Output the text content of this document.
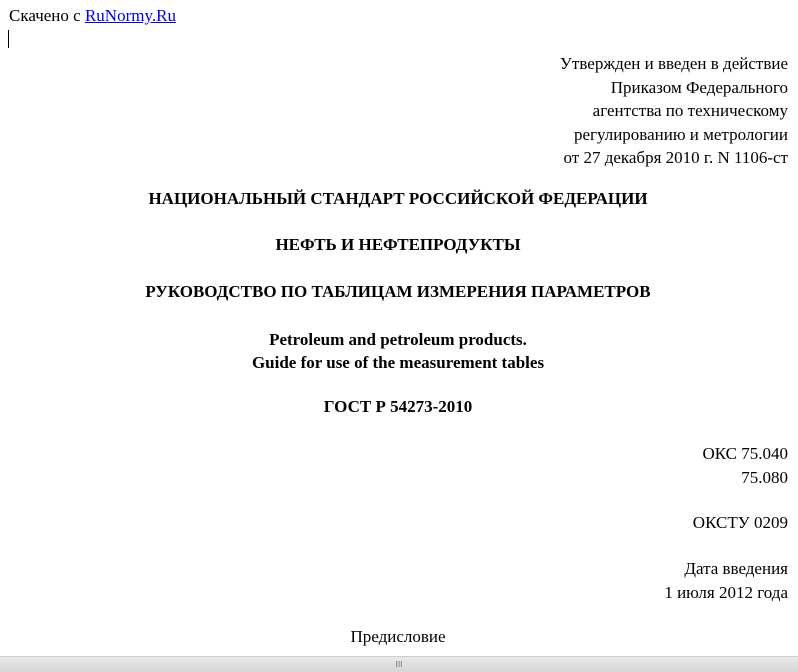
Скачено с RuNormy.Ru
Утвержден и введен в действие
Приказом Федерального
агентства по техническому
регулированию и метрологии
от 27 декабря 2010 г. N 1106-ст
НАЦИОНАЛЬНЫЙ СТАНДАРТ РОССИЙСКОЙ ФЕДЕРАЦИИ
НЕФТЬ И НЕФТЕПРОДУКТЫ
РУКОВОДСТВО ПО ТАБЛИЦАМ ИЗМЕРЕНИЯ ПАРАМЕТРОВ
Petroleum and petroleum products.
Guide for use of the measurement tables
ГОСТ Р 54273-2010
ОКС 75.040
75.080
ОКСТУ 0209
Дата введения
1 июля 2012 года
Предисловие
III
